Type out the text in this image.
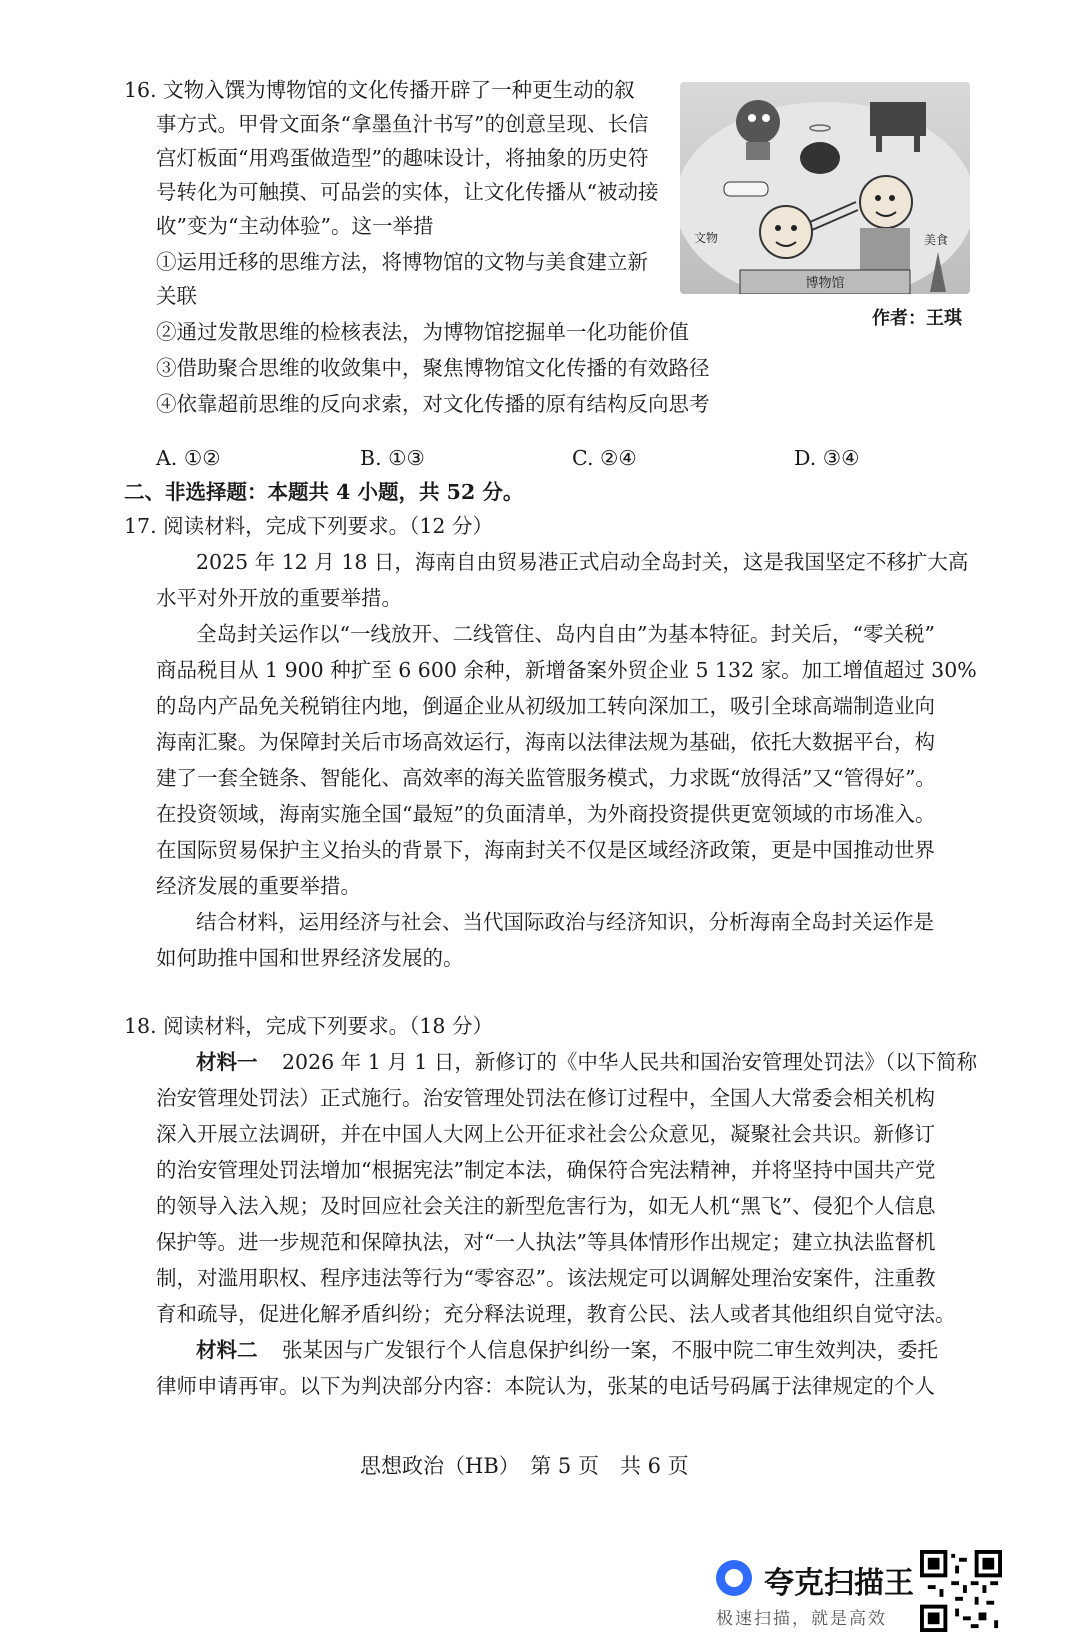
16. 文物入馔为博物馆的文化传播开辟了一种更生动的叙
事方式。甲骨文面条“拿墨鱼汁书写”的创意呈现、长信
宫灯板面“用鸡蛋做造型”的趣味设计，将抽象的历史符
号转化为可触摸、可品尝的实体，让文化传播从“被动接
收”变为“主动体验”。这一举措
①运用迁移的思维方法，将博物馆的文物与美食建立新
关联
②通过发散思维的检核表法，为博物馆挖掘单一化功能价值
③借助聚合思维的收敛集中，聚焦博物馆文化传播的有效路径
④依靠超前思维的反向求索，对文化传播的原有结构反向思考
A. ①②	B. ①③	C. ②④	D. ③④
博物馆
文物	美食
作者：王琪
二、非选择题：本题共 4 小题，共 52 分。
17. 阅读材料，完成下列要求。（12 分）
2025 年 12 月 18 日，海南自由贸易港正式启动全岛封关，这是我国坚定不移扩大高
水平对外开放的重要举措。
全岛封关运作以“一线放开、二线管住、岛内自由”为基本特征。封关后，“零关税”
商品税目从 1 900 种扩至 6 600 余种，新增备案外贸企业 5 132 家。加工增值超过 30%
的岛内产品免关税销往内地，倒逼企业从初级加工转向深加工，吸引全球高端制造业向
海南汇聚。为保障封关后市场高效运行，海南以法律法规为基础，依托大数据平台，构
建了一套全链条、智能化、高效率的海关监管服务模式，力求既“放得活”又“管得好”。
在投资领域，海南实施全国“最短”的负面清单，为外商投资提供更宽领域的市场准入。
在国际贸易保护主义抬头的背景下，海南封关不仅是区域经济政策，更是中国推动世界
经济发展的重要举措。
结合材料，运用经济与社会、当代国际政治与经济知识，分析海南全岛封关运作是
如何助推中国和世界经济发展的。
18. 阅读材料，完成下列要求。（18 分）
材料一 2026 年 1 月 1 日，新修订的《中华人民共和国治安管理处罚法》（以下简称
治安管理处罚法）正式施行。治安管理处罚法在修订过程中，全国人大常委会相关机构
深入开展立法调研，并在中国人大网上公开征求社会公众意见，凝聚社会共识。新修订
的治安管理处罚法增加“根据宪法”制定本法，确保符合宪法精神，并将坚持中国共产党
的领导入法入规；及时回应社会关注的新型危害行为，如无人机“黑飞”、侵犯个人信息
保护等。进一步规范和保障执法，对“一人执法”等具体情形作出规定；建立执法监督机
制，对滥用职权、程序违法等行为“零容忍”。该法规定可以调解处理治安案件，注重教
育和疏导，促进化解矛盾纠纷；充分释法说理，教育公民、法人或者其他组织自觉守法。
材料二 张某因与广发银行个人信息保护纠纷一案，不服中院二审生效判决，委托
律师申请再审。以下为判决部分内容：本院认为，张某的电话号码属于法律规定的个人
思想政治（HB）　第 5 页　共 6 页
夸克扫描王
极速扫描，就是高效
